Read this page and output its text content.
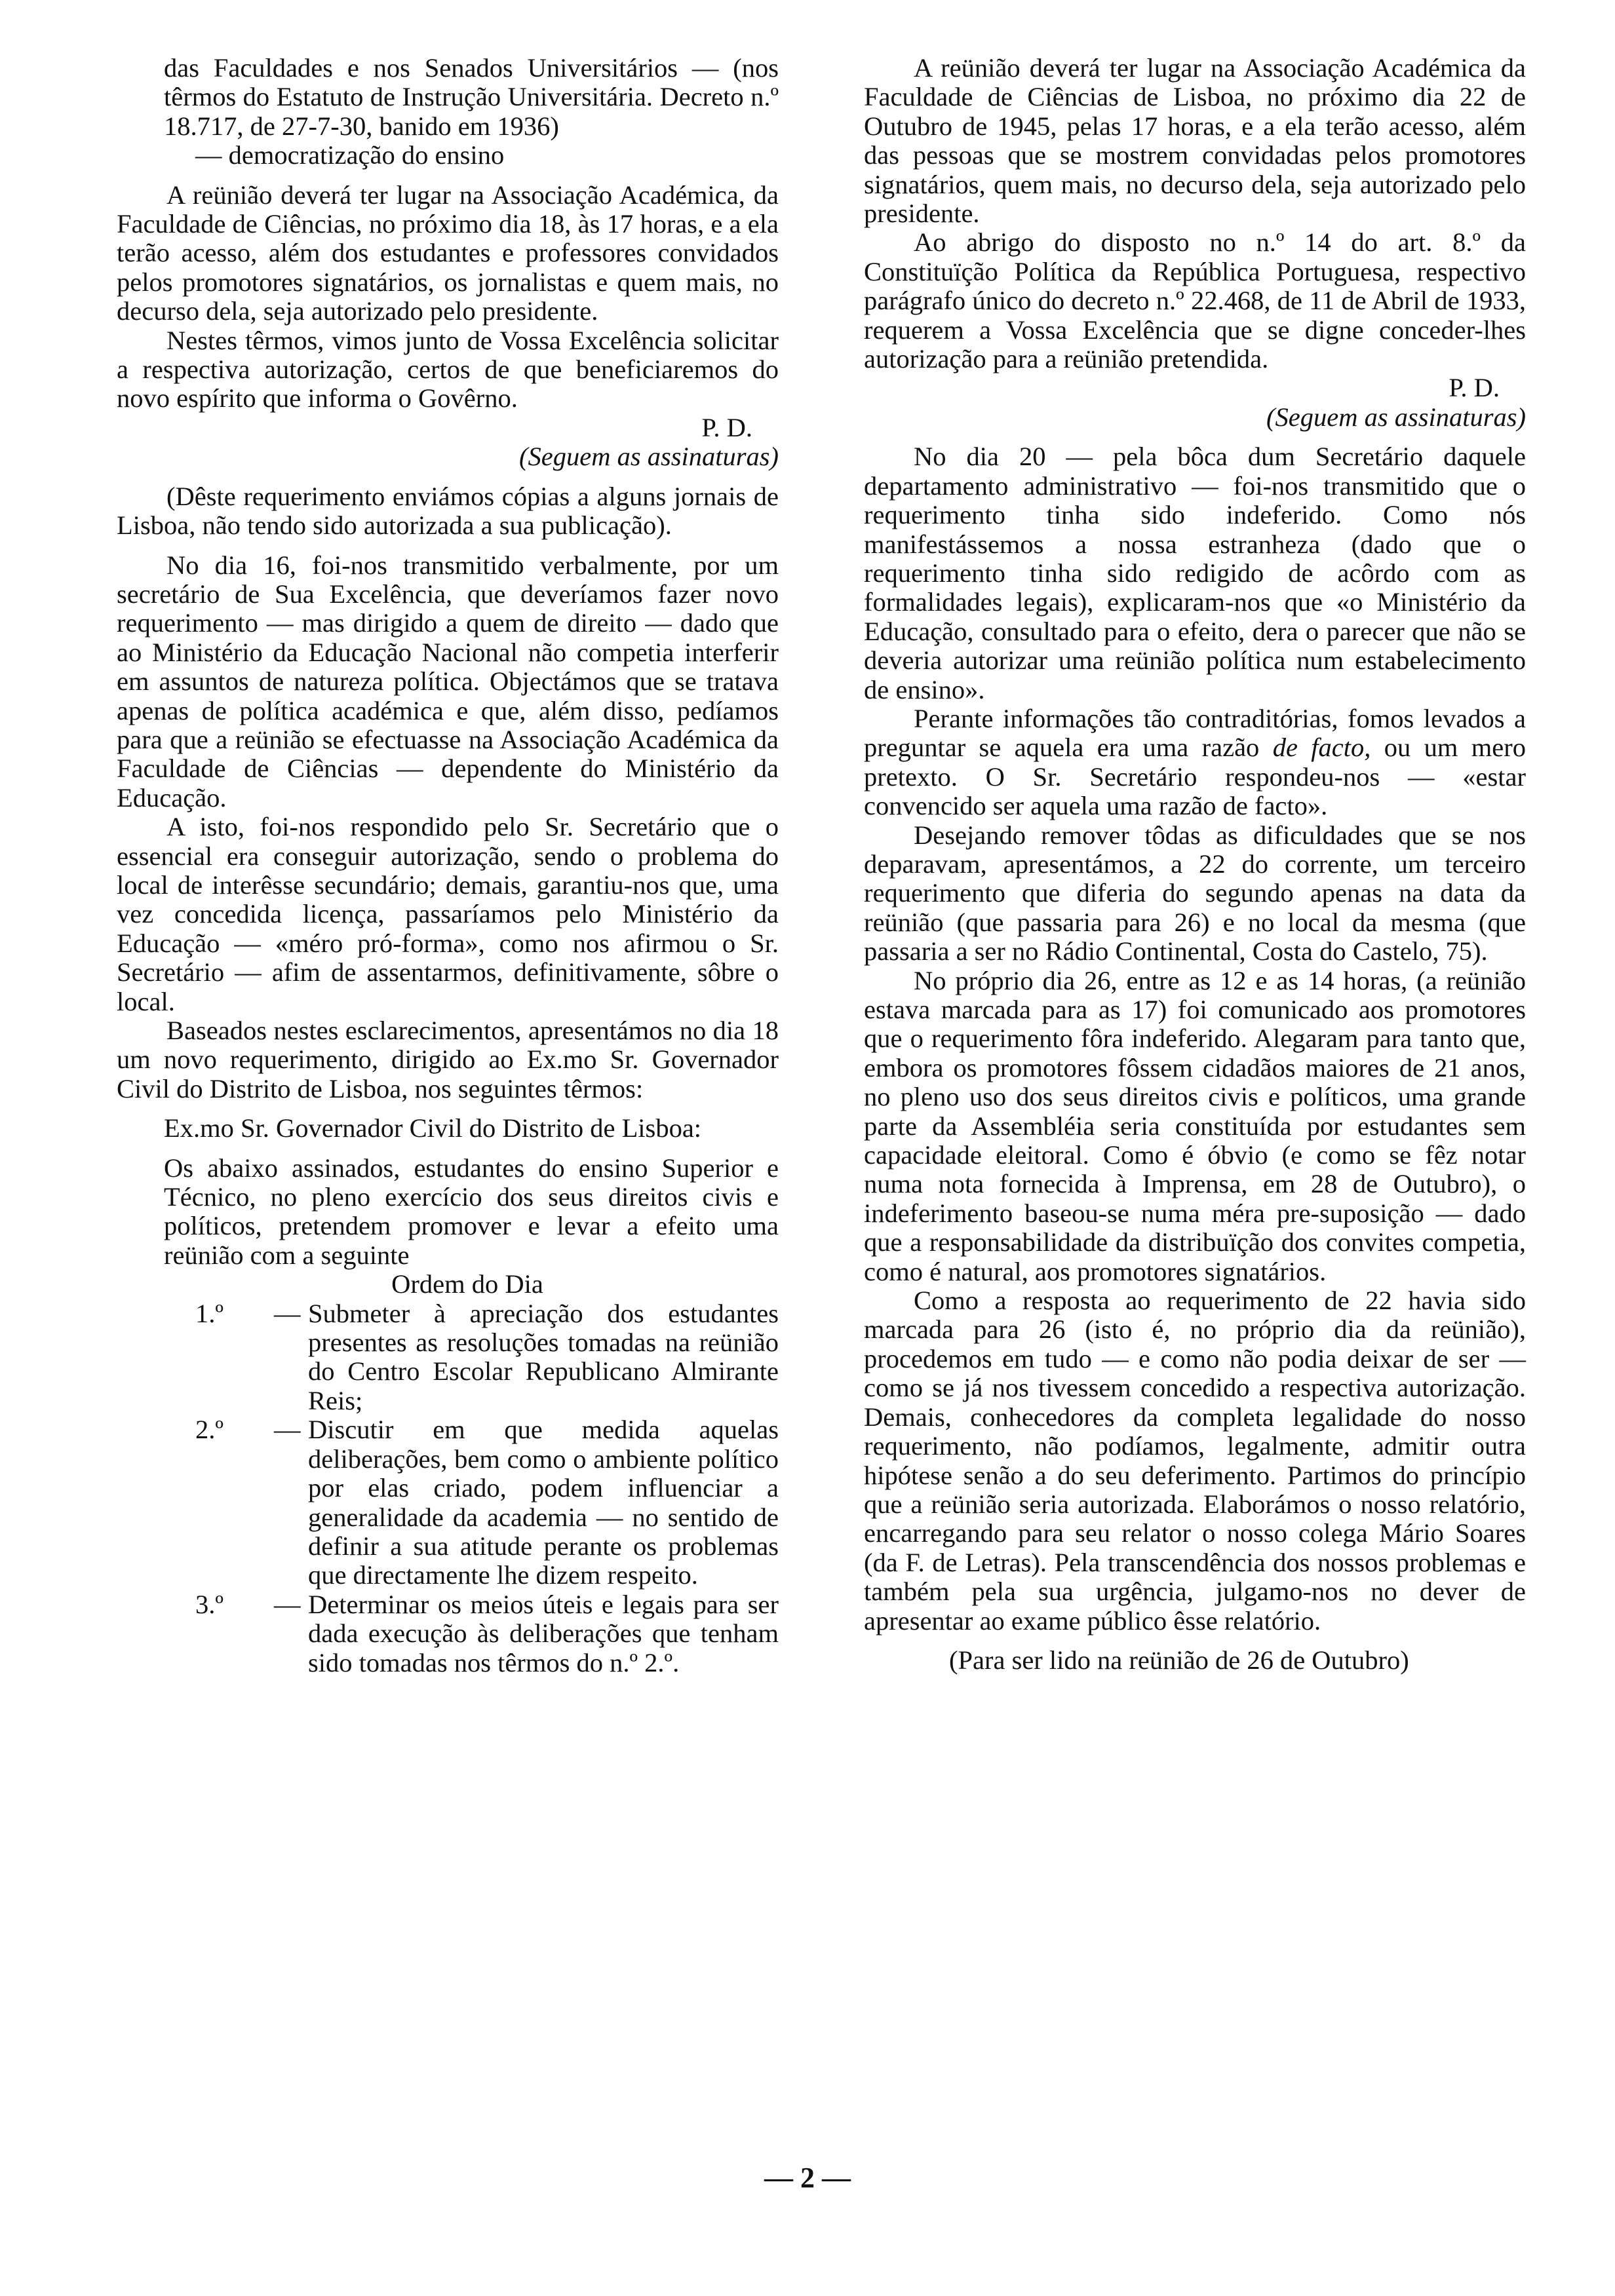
das Faculdades e nos Senados Universitários — (nos têrmos do Estatuto de Instrução Universitária. Decreto n.º 18.717, de 27-7-30, banido em 1936)

— democratização do ensino

A reünião deverá ter lugar na Associação Académica, da Faculdade de Ciências, no próximo dia 18, às 17 horas, e a ela terão acesso, além dos estudantes e professores convidados pelos promotores signatários, os jornalistas e quem mais, no decurso dela, seja autorizado pelo presidente.

Nestes têrmos, vimos junto de Vossa Excelência solicitar a respectiva autorização, certos de que beneficiaremos do novo espírito que informa o Govêrno.

P. D.

(Seguem as assinaturas)

(Dêste requerimento enviámos cópias a alguns jornais de Lisboa, não tendo sido autorizada a sua publicação).

No dia 16, foi-nos transmitido verbalmente, por um secretário de Sua Excelência, que deveríamos fazer novo requerimento — mas dirigido a quem de direito — dado que ao Ministério da Educação Nacional não competia interferir em assuntos de natureza política. Objectámos que se tratava apenas de política académica e que, além disso, pedíamos para que a reünião se efectuasse na Associação Académica da Faculdade de Ciências — dependente do Ministério da Educação.

A isto, foi-nos respondido pelo Sr. Secretário que o essencial era conseguir autorização, sendo o problema do local de interêsse secundário; demais, garantiu-nos que, uma vez concedida licença, passaríamos pelo Ministério da Educação — «méro pró-forma», como nos afirmou o Sr. Secretário — afim de assentarmos, definitivamente, sôbre o local.

Baseados nestes esclarecimentos, apresentámos no dia 18 um novo requerimento, dirigido ao Ex.mo Sr. Governador Civil do Distrito de Lisboa, nos seguintes têrmos:

Ex.mo Sr. Governador Civil do Distrito de Lisboa:

Os abaixo assinados, estudantes do ensino Superior e Técnico, no pleno exercício dos seus direitos civis e políticos, pretendem promover e levar a efeito uma reünião com a seguinte

Ordem do Dia

1.º	— Submeter à apreciação dos estudantes presentes as resoluções tomadas na reünião do Centro Escolar Republicano Almirante Reis;

2.º	— Discutir em que medida aquelas deliberações, bem como o ambiente político por elas criado, podem influenciar a generalidade da academia — no sentido de definir a sua atitude perante os problemas que directamente lhe dizem respeito.

3.º	— Determinar os meios úteis e legais para ser dada execução às deliberações que tenham sido tomadas nos têrmos do n.º 2.º.

A reünião deverá ter lugar na Associação Académica da Faculdade de Ciências de Lisboa, no próximo dia 22 de Outubro de 1945, pelas 17 horas, e a ela terão acesso, além das pessoas que se mostrem convidadas pelos promotores signatários, quem mais, no decurso dela, seja autorizado pelo presidente.

Ao abrigo do disposto no n.º 14 do art. 8.º da Constituïção Política da República Portuguesa, respectivo parágrafo único do decreto n.º 22.468, de 11 de Abril de 1933, requerem a Vossa Excelência que se digne conceder-lhes autorização para a reünião pretendida.

P. D.

(Seguem as assinaturas)

No dia 20 — pela bôca dum Secretário daquele departamento administrativo — foi-nos transmitido que o requerimento tinha sido indeferido. Como nós manifestássemos a nossa estranheza (dado que o requerimento tinha sido redigido de acôrdo com as formalidades legais), explicaram-nos que «o Ministério da Educação, consultado para o efeito, dera o parecer que não se deveria autorizar uma reünião política num estabelecimento de ensino».

Perante informações tão contraditórias, fomos levados a preguntar se aquela era uma razão de facto, ou um mero pretexto. O Sr. Secretário respondeu-nos — «estar convencido ser aquela uma razão de facto».

Desejando remover tôdas as dificuldades que se nos deparavam, apresentámos, a 22 do corrente, um terceiro requerimento que diferia do segundo apenas na data da reünião (que passaria para 26) e no local da mesma (que passaria a ser no Rádio Continental, Costa do Castelo, 75).

No próprio dia 26, entre as 12 e as 14 horas, (a reünião estava marcada para as 17) foi comunicado aos promotores que o requerimento fôra indeferido. Alegaram para tanto que, embora os promotores fôssem cidadãos maiores de 21 anos, no pleno uso dos seus direitos civis e políticos, uma grande parte da Assembléia seria constituída por estudantes sem capacidade eleitoral. Como é óbvio (e como se fêz notar numa nota fornecida à Imprensa, em 28 de Outubro), o indeferimento baseou-se numa méra pre-suposição — dado que a responsabilidade da distribuïção dos convites competia, como é natural, aos promotores signatários.

Como a resposta ao requerimento de 22 havia sido marcada para 26 (isto é, no próprio dia da reünião), procedemos em tudo — e como não podia deixar de ser — como se já nos tivessem concedido a respectiva autorização. Demais, conhecedores da completa legalidade do nosso requerimento, não podíamos, legalmente, admitir outra hipótese senão a do seu deferimento. Partimos do princípio que a reünião seria autorizada. Elaborámos o nosso relatório, encarregando para seu relator o nosso colega Mário Soares (da F. de Letras). Pela transcendência dos nossos problemas e também pela sua urgência, julgamo-nos no dever de apresentar ao exame público êsse relatório.

(Para ser lido na reünião de 26 de Outubro)

— 2 —
